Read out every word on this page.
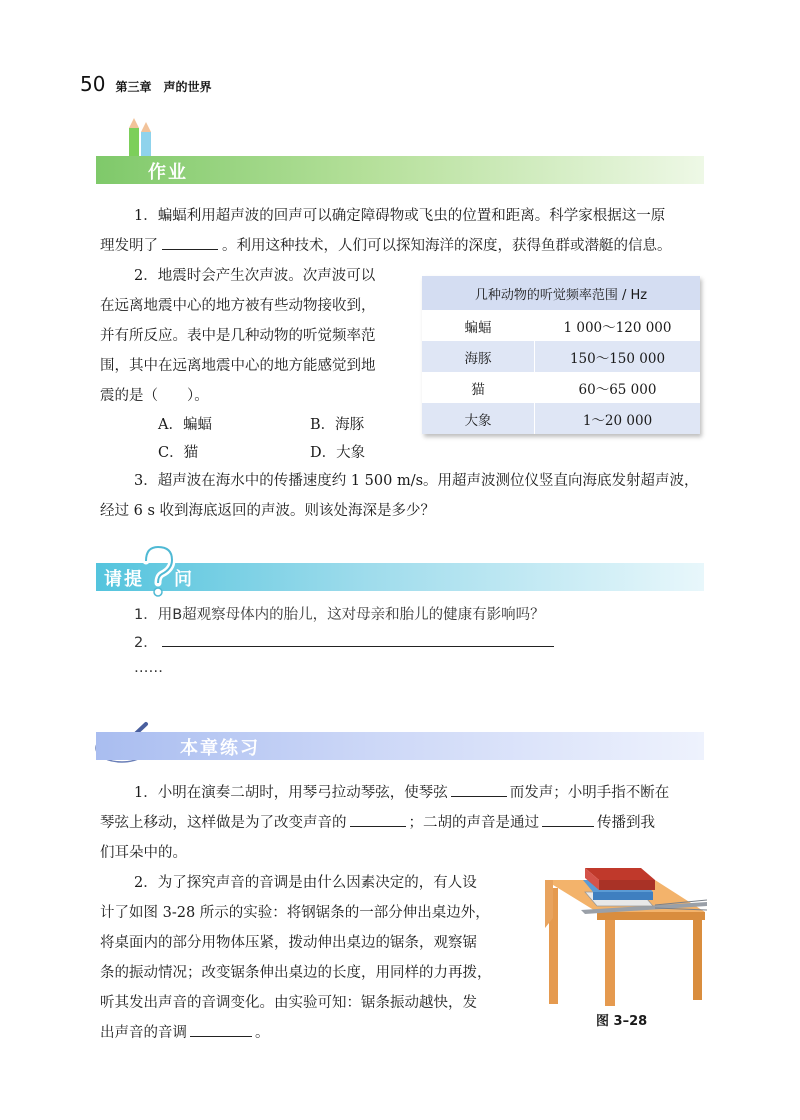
50 第三章　声的世界
作业
1．蝙蝠利用超声波的回声可以确定障碍物或飞虫的位置和距离。科学家根据这一原
理发明了	。利用这种技术，人们可以探知海洋的深度，获得鱼群或潜艇的信息。
2．地震时会产生次声波。次声波可以
在远离地震中心的地方被有些动物接收到，
并有所反应。表中是几种动物的听觉频率范
围，其中在远离地震中心的地方能感觉到地
震的是（　　）。
A．蝙蝠	B．海豚
C．猫	D．大象
几种动物的听觉频率范围 / Hz	
蝙蝠	1 000～120 000
海豚	150～150 000
猫	60～65 000
大象	1～20 000
3．超声波在海水中的传播速度约 1 500 m/s。用超声波测位仪竖直向海底发射超声波，
经过 6 s 收到海底返回的声波。则该处海深是多少？
请提 问
1．用B超观察母体内的胎儿，这对母亲和胎儿的健康有影响吗？
2．
……
本章练习
1．小明在演奏二胡时，用琴弓拉动琴弦，使琴弦	而发声；小明手指不断在
琴弦上移动，这样做是为了改变声音的	；二胡的声音是通过	传播到我
们耳朵中的。
2．为了探究声音的音调是由什么因素决定的，有人设
计了如图 3-28 所示的实验：将钢锯条的一部分伸出桌边外，
将桌面内的部分用物体压紧，拨动伸出桌边的锯条，观察锯
条的振动情况；改变锯条伸出桌边的长度，用同样的力再拨，
听其发出声音的音调变化。由实验可知：锯条振动越快，发
出声音的音调	。
图 3–28
